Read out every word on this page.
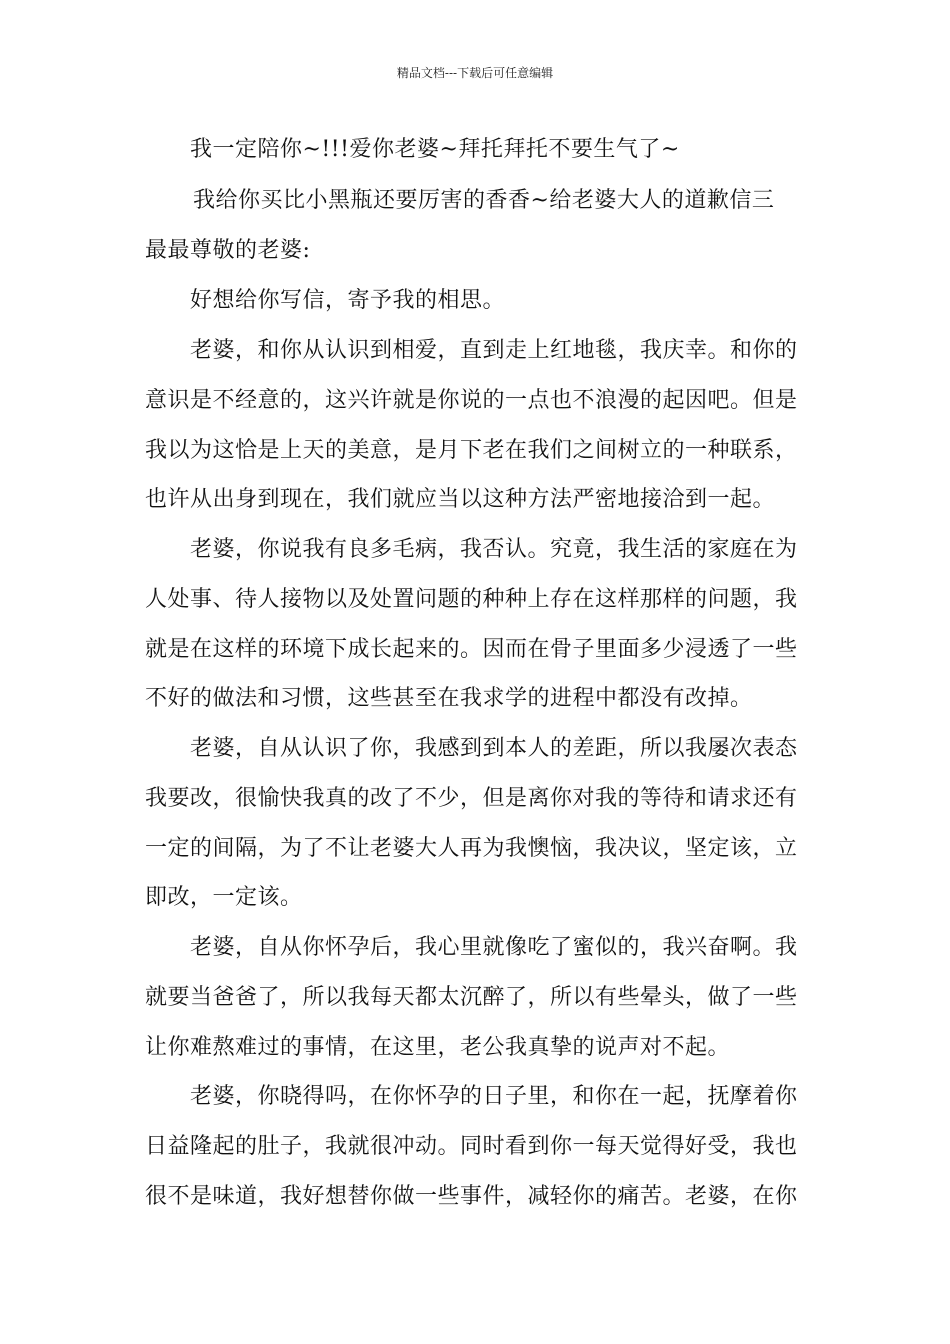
精品文档---下载后可任意编辑
我一定陪你~!!!爱你老婆~拜托拜托不要生气了~
我给你买比小黑瓶还要厉害的香香~给老婆大人的道歉信三
最最尊敬的老婆:
好想给你写信，寄予我的相思。
老婆，和你从认识到相爱，直到走上红地毯，我庆幸。和你的
意识是不经意的，这兴许就是你说的一点也不浪漫的起因吧。但是
我以为这恰是上天的美意，是月下老在我们之间树立的一种联系，
也许从出身到现在，我们就应当以这种方法严密地接洽到一起。
老婆，你说我有良多毛病，我否认。究竟，我生活的家庭在为
人处事、待人接物以及处置问题的种种上存在这样那样的问题，我
就是在这样的环境下成长起来的。因而在骨子里面多少浸透了一些
不好的做法和习惯，这些甚至在我求学的进程中都没有改掉。
老婆，自从认识了你，我感到到本人的差距，所以我屡次表态
我要改，很愉快我真的改了不少，但是离你对我的等待和请求还有
一定的间隔，为了不让老婆大人再为我懊恼，我决议，坚定该，立
即改，一定该。
老婆，自从你怀孕后，我心里就像吃了蜜似的，我兴奋啊。我
就要当爸爸了，所以我每天都太沉醉了，所以有些晕头，做了一些
让你难熬难过的事情，在这里，老公我真挚的说声对不起。
老婆，你晓得吗，在你怀孕的日子里，和你在一起，抚摩着你
日益隆起的肚子，我就很冲动。同时看到你一每天觉得好受，我也
很不是味道，我好想替你做一些事件，减轻你的痛苦。老婆，在你
